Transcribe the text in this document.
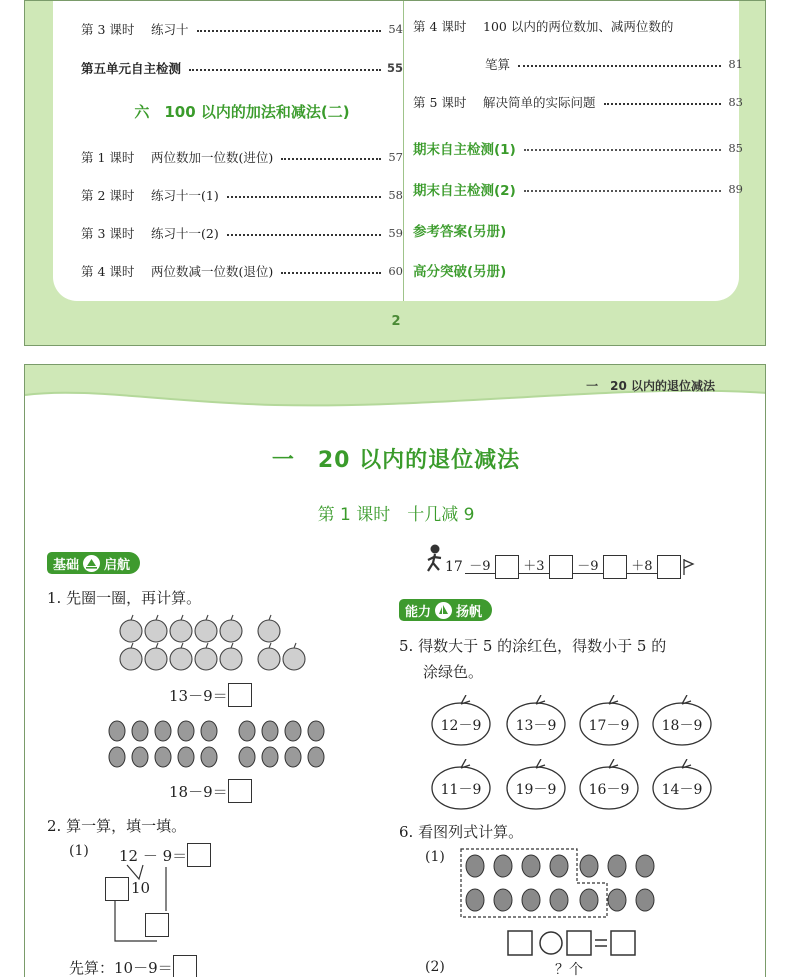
第 3 课时	练习十	54
第五单元自主检测	55
六　100 以内的加法和减法(二)
第 1 课时	两位数加一位数(进位)	57
第 2 课时	练习十一(1)	58
第 3 课时	练习十一(2)	59
第 4 课时	两位数减一位数(退位)	60
第 4 课时	100 以内的两位数加、减两位数的
笔算	81
第 5 课时	解决简单的实际问题	83
期末自主检测(1)	85
期末自主检测(2)	89
参考答案(另册)
高分突破(另册)
2
一　20 以内的退位减法
一　20 以内的退位减法
第 1 课时　十几减 9
基础 启航
1. 先圈一圈，再计算。
13－9＝
18－9＝
2. 算一算，填一填。
(1) 12 － 9＝
10
先算：10－9＝
17 －9	＋3	－9	＋8
能力 扬帆
5. 得数大于 5 的涂红色，得数小于 5 的
涂绿色。
12－9	13－9	17－9	18－9
11－9	19－9	16－9	14－9
6. 看图列式计算。
(1)
(2)	？个
